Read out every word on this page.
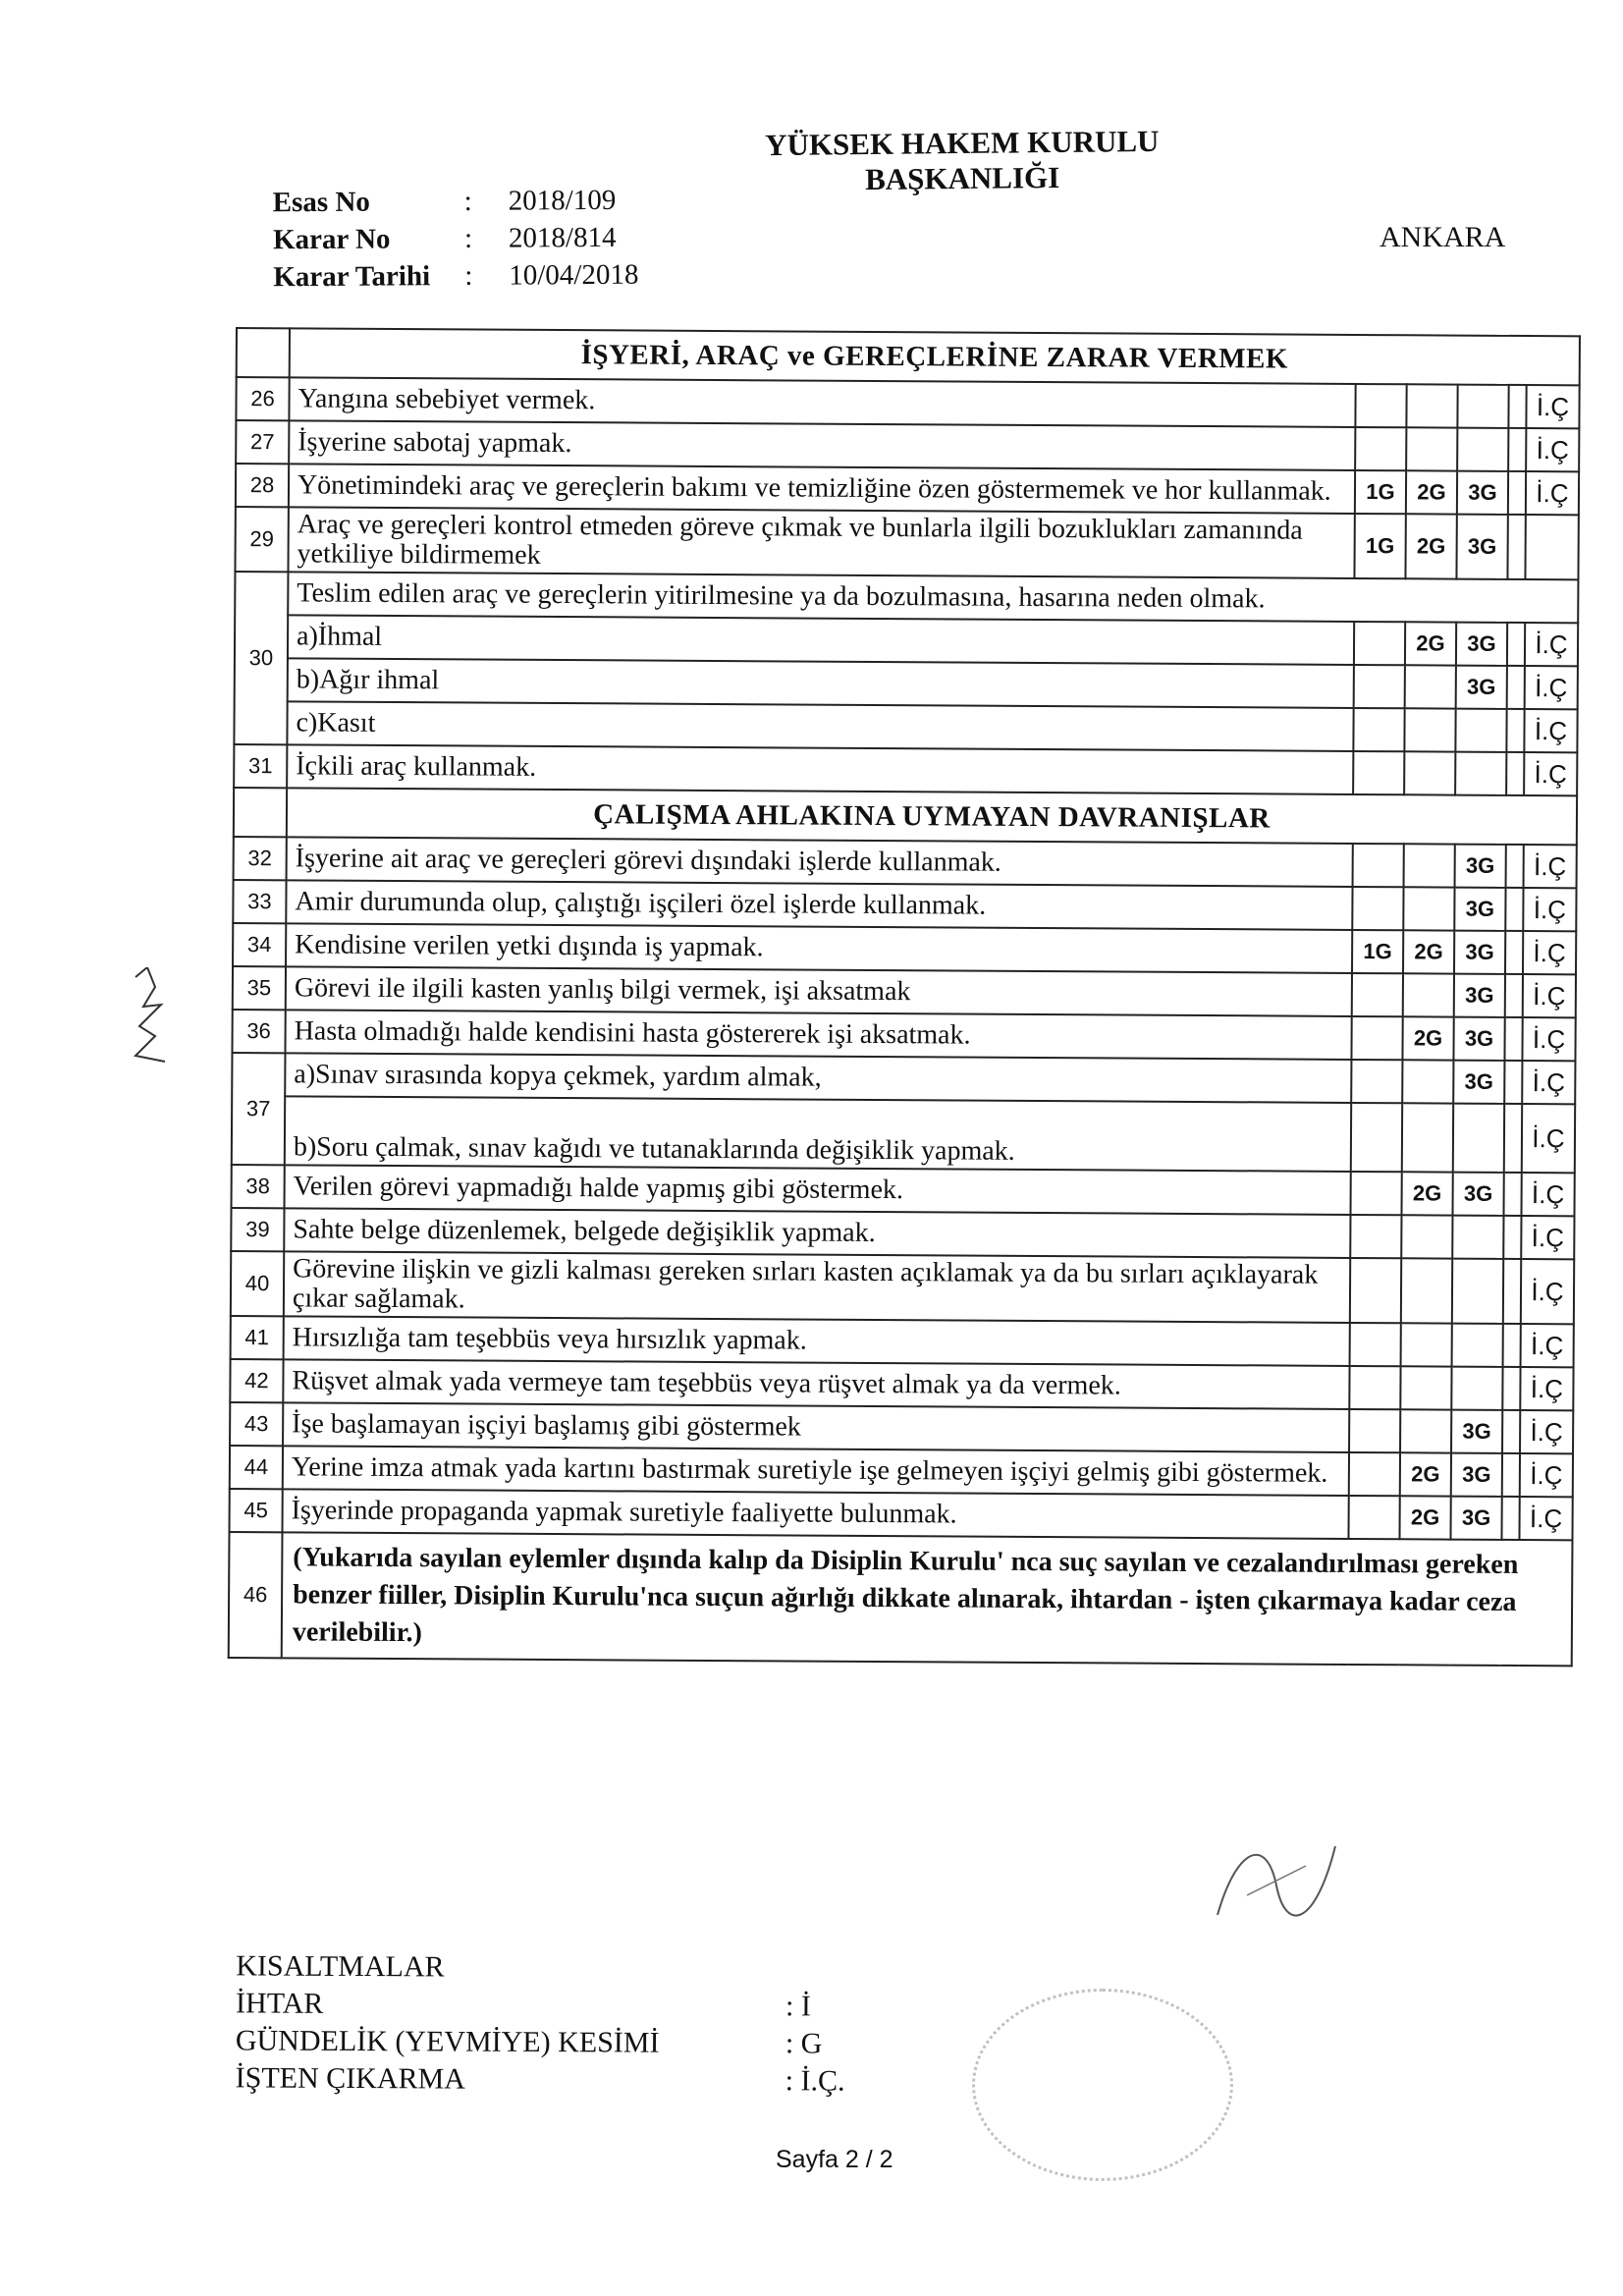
YÜKSEK HAKEM KURULU
BAŞKANLIĞI
Esas No	:	2018/109
Karar No	:	2018/814
Karar Tarihi	:	10/04/2018
ANKARA
	İŞYERİ, ARAÇ ve GEREÇLERİNE ZARAR VERMEK					
26	Yangına sebebiyet vermek.					İ.Ç
27	İşyerine sabotaj yapmak.					İ.Ç
28	Yönetimindeki araç ve gereçlerin bakımı ve temizliğine özen göstermemek ve hor kullanmak.	1G	2G	3G		İ.Ç
29	Araç ve gereçleri kontrol etmeden göreve çıkmak ve bunlarla ilgili bozuklukları zamanında yetkiliye bildirmemek	1G	2G	3G		
30	Teslim edilen araç ve gereçlerin yitirilmesine ya da bozulmasına, hasarına neden olmak.					
	a)İhmal		2G	3G		İ.Ç
	b)Ağır ihmal			3G		İ.Ç
	c)Kasıt					İ.Ç
31	İçkili araç kullanmak.					İ.Ç
	ÇALIŞMA AHLAKINA UYMAYAN DAVRANIŞLAR					
32	İşyerine ait araç ve gereçleri görevi dışındaki işlerde kullanmak.			3G		İ.Ç
33	Amir durumunda olup, çalıştığı işçileri özel işlerde kullanmak.			3G		İ.Ç
34	Kendisine verilen yetki dışında iş yapmak.	1G	2G	3G		İ.Ç
35	Görevi ile ilgili kasten yanlış bilgi vermek, işi aksatmak			3G		İ.Ç
36	Hasta olmadığı halde kendisini hasta göstererek işi aksatmak.		2G	3G		İ.Ç
37	a)Sınav sırasında kopya çekmek, yardım almak,			3G		İ.Ç
	b)Soru çalmak, sınav kağıdı ve tutanaklarında değişiklik yapmak.					İ.Ç
38	Verilen görevi yapmadığı halde yapmış gibi göstermek.		2G	3G		İ.Ç
39	Sahte belge düzenlemek, belgede değişiklik yapmak.					İ.Ç
40	Görevine ilişkin ve gizli kalması gereken sırları kasten açıklamak ya da bu sırları açıklayarak çıkar sağlamak.					İ.Ç
41	Hırsızlığa tam teşebbüs veya hırsızlık yapmak.					İ.Ç
42	Rüşvet almak yada vermeye tam teşebbüs veya rüşvet almak ya da vermek.					İ.Ç
43	İşe başlamayan işçiyi başlamış gibi göstermek			3G		İ.Ç
44	Yerine imza atmak yada kartını bastırmak suretiyle işe gelmeyen işçiyi gelmiş gibi göstermek.		2G	3G		İ.Ç
45	İşyerinde propaganda yapmak suretiyle faaliyette bulunmak.		2G	3G		İ.Ç
46	(Yukarıda sayılan eylemler dışında kalıp da Disiplin Kurulu' nca suç sayılan ve cezalandırılması gereken benzer fiiller, Disiplin Kurulu'nca suçun ağırlığı dikkate alınarak, ihtardan - işten çıkarmaya kadar ceza verilebilir.)					
KISALTMALAR
İHTAR	: İ
GÜNDELİK (YEVMİYE) KESİMİ	: G
İŞTEN ÇIKARMA	: İ.Ç.
Sayfa 2 / 2
